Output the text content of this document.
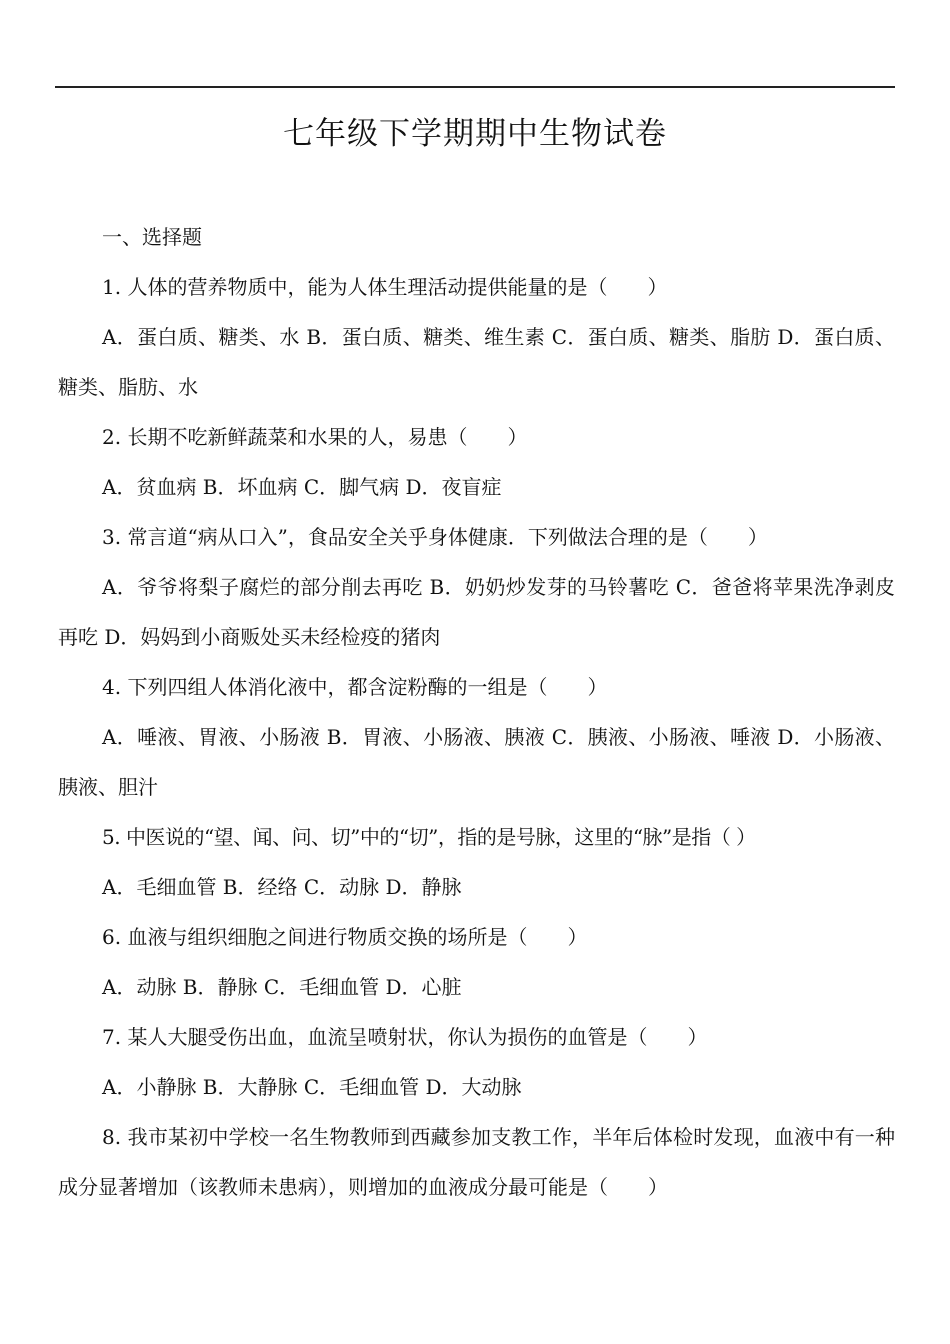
七年级下学期期中生物试卷

一、选择题

1. 人体的营养物质中，能为人体生理活动提供能量的是（　　）

A．蛋白质、糖类、水 B．蛋白质、糖类、维生素 C．蛋白质、糖类、脂肪 D．蛋白质、糖类、脂肪、水

2. 长期不吃新鲜蔬菜和水果的人，易患（　　）

A．贫血病 B．坏血病 C．脚气病 D．夜盲症

3. 常言道“病从口入”，食品安全关乎身体健康．下列做法合理的是（　　）

A．爷爷将梨子腐烂的部分削去再吃 B．奶奶炒发芽的马铃薯吃 C．爸爸将苹果洗净剥皮再吃 D．妈妈到小商贩处买未经检疫的猪肉

4. 下列四组人体消化液中，都含淀粉酶的一组是（　　）

A．唾液、胃液、小肠液 B．胃液、小肠液、胰液 C．胰液、小肠液、唾液 D．小肠液、胰液、胆汁

5. 中医说的“望、闻、问、切”中的“切”，指的是号脉，这里的“脉”是指（ ）

A．毛细血管 B．经络 C．动脉 D．静脉

6. 血液与组织细胞之间进行物质交换的场所是（　　）

A．动脉 B．静脉 C．毛细血管 D．心脏

7. 某人大腿受伤出血，血流呈喷射状，你认为损伤的血管是（　　）

A．小静脉 B．大静脉 C．毛细血管 D．大动脉

8. 我市某初中学校一名生物教师到西藏参加支教工作，半年后体检时发现，血液中有一种成分显著增加（该教师未患病），则增加的血液成分最可能是（　　）
